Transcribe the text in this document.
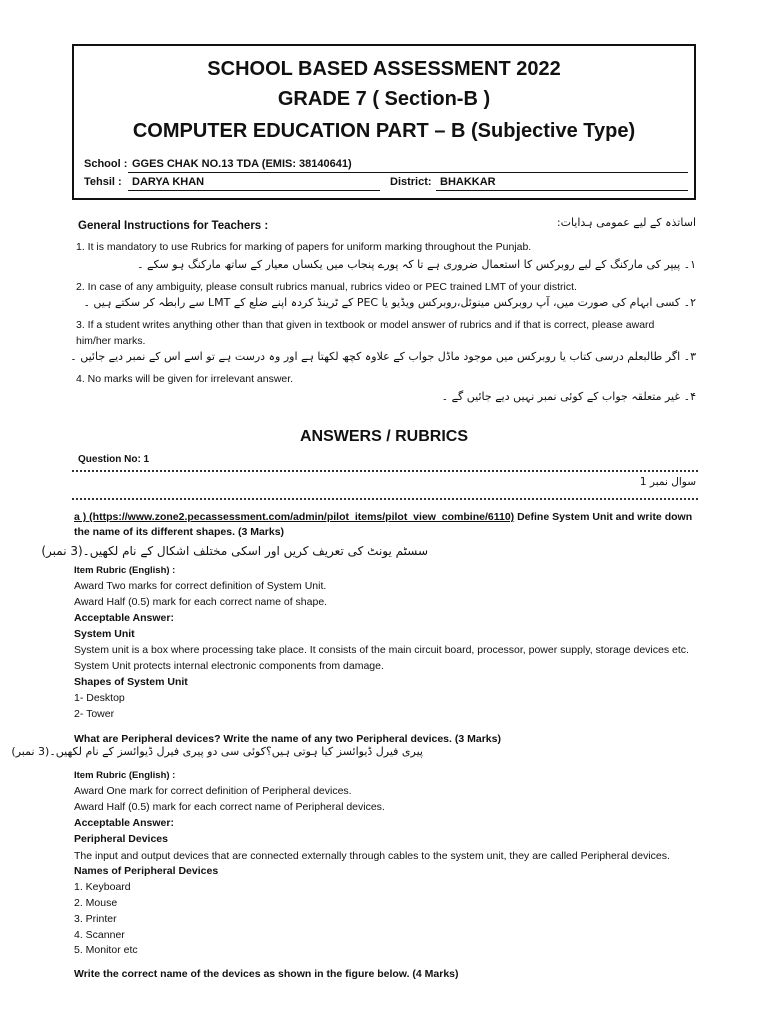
SCHOOL BASED ASSESSMENT 2022
GRADE 7 ( Section-B )
COMPUTER EDUCATION PART – B (Subjective Type)
School : GGES CHAK NO.13 TDA (EMIS: 38140641)
Tehsil : DARYA KHAN	District: BHAKKAR
General Instructions for Teachers :	اساتذہ کے لیے عمومی ہدایات:
1. It is mandatory to use Rubrics for marking of papers for uniform marking throughout the Punjab.
۱۔ پیپر کی مارکنگ کے لیے روبرکس کا استعمال ضروری ہے تا کہ پورے پنجاب میں یکساں معیار کے ساتھ مارکنگ ہو سکے ۔
2. In case of any ambiguity, please consult rubrics manual, rubrics video or PEC trained LMT of your district.
۲۔ کسی ابہام کی صورت میں، آپ روبرکس مینوئل،روبرکس ویڈیو یا PEC کے ٹرینڈ کردہ اپنے ضلع کے LMT سے رابطہ کر سکتے ہیں ۔
3. If a student writes anything other than that given in textbook or model answer of rubrics and if that is correct, please award
him/her marks.
۳۔ اگر طالبعلم درسی کتاب یا روبرکس میں موجود ماڈل جواب کے علاوہ کچھ لکھتا ہے اور وہ درست ہے تو اسے اس کے نمبر دیے جائیں ۔
4. No marks will be given for irrelevant answer.
۴۔ غیر متعلقہ جواب کے کوئی نمبر نہیں دیے جائیں گے ۔
ANSWERS / RUBRICS
Question No: 1
سوال نمبر 1
a ) (https://www.zone2.pecassessment.com/admin/pilot_items/pilot_view_combine/6110) Define System Unit and write down
the name of its different shapes. (3 Marks)
سسٹم یونٹ کی تعریف کریں اور اسکی مختلف اشکال کے نام لکھیں۔(3 نمبر)
Item Rubric (English) :
Award Two marks for correct definition of System Unit.
Award Half (0.5) mark for each correct name of shape.
Acceptable Answer:
System Unit
System unit is a box where processing take place. It consists of the main circuit board, processor, power supply, storage devices etc.
System Unit protects internal electronic components from damage.
Shapes of System Unit
1- Desktop
2- Tower
What are Peripheral devices? Write the name of any two Peripheral devices. (3 Marks)
پیری فیرل ڈیوائسز کیا ہوتی ہیں؟کوئی سی دو پیری فیرل ڈیوائسز کے نام لکھیں۔(3 نمبر)
Item Rubric (English) :
Award One mark for correct definition of Peripheral devices.
Award Half (0.5) mark for each correct name of Peripheral devices.
Acceptable Answer:
Peripheral Devices
The input and output devices that are connected externally through cables to the system unit, they are called Peripheral devices.
Names of Peripheral Devices
1. Keyboard
2. Mouse
3. Printer
4. Scanner
5. Monitor etc
Write the correct name of the devices as shown in the figure below. (4 Marks)
